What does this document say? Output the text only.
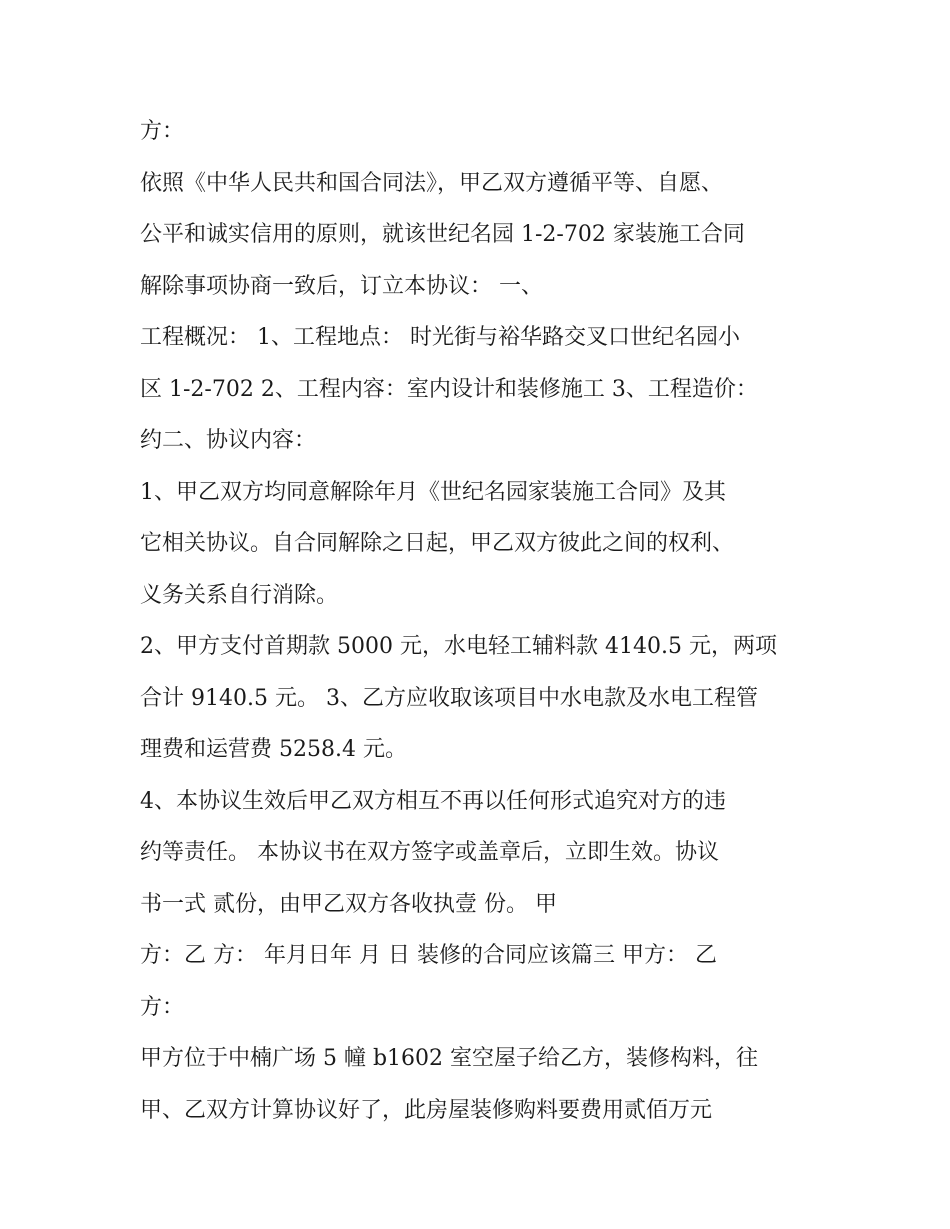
方：
依照《中华人民共和国合同法》，甲乙双方遵循平等、自愿、
公平和诚实信用的原则，就该世纪名园 1-2-702 家装施工合同
解除事项协商一致后，订立本协议： 一、
工程概况： 1、工程地点： 时光街与裕华路交叉口世纪名园小
区 1-2-702 2、工程内容：室内设计和装修施工 3、工程造价：
约二、协议内容：
1、甲乙双方均同意解除年月《世纪名园家装施工合同》及其
它相关协议。自合同解除之日起，甲乙双方彼此之间的权利、
义务关系自行消除。
2、甲方支付首期款 5000 元，水电轻工辅料款 4140.5 元，两项
合计 9140.5 元。 3、乙方应收取该项目中水电款及水电工程管
理费和运营费 5258.4 元。
4、本协议生效后甲乙双方相互不再以任何形式追究对方的违
约等责任。 本协议书在双方签字或盖章后，立即生效。协议
书一式 贰份，由甲乙双方各收执壹 份。 甲
方：乙 方： 年月日年 月 日 装修的合同应该篇三 甲方： 乙
方：
甲方位于中楠广场 5 幢 b1602 室空屋子给乙方，装修构料，往
甲、乙双方计算协议好了，此房屋装修购料要费用贰佰万元
